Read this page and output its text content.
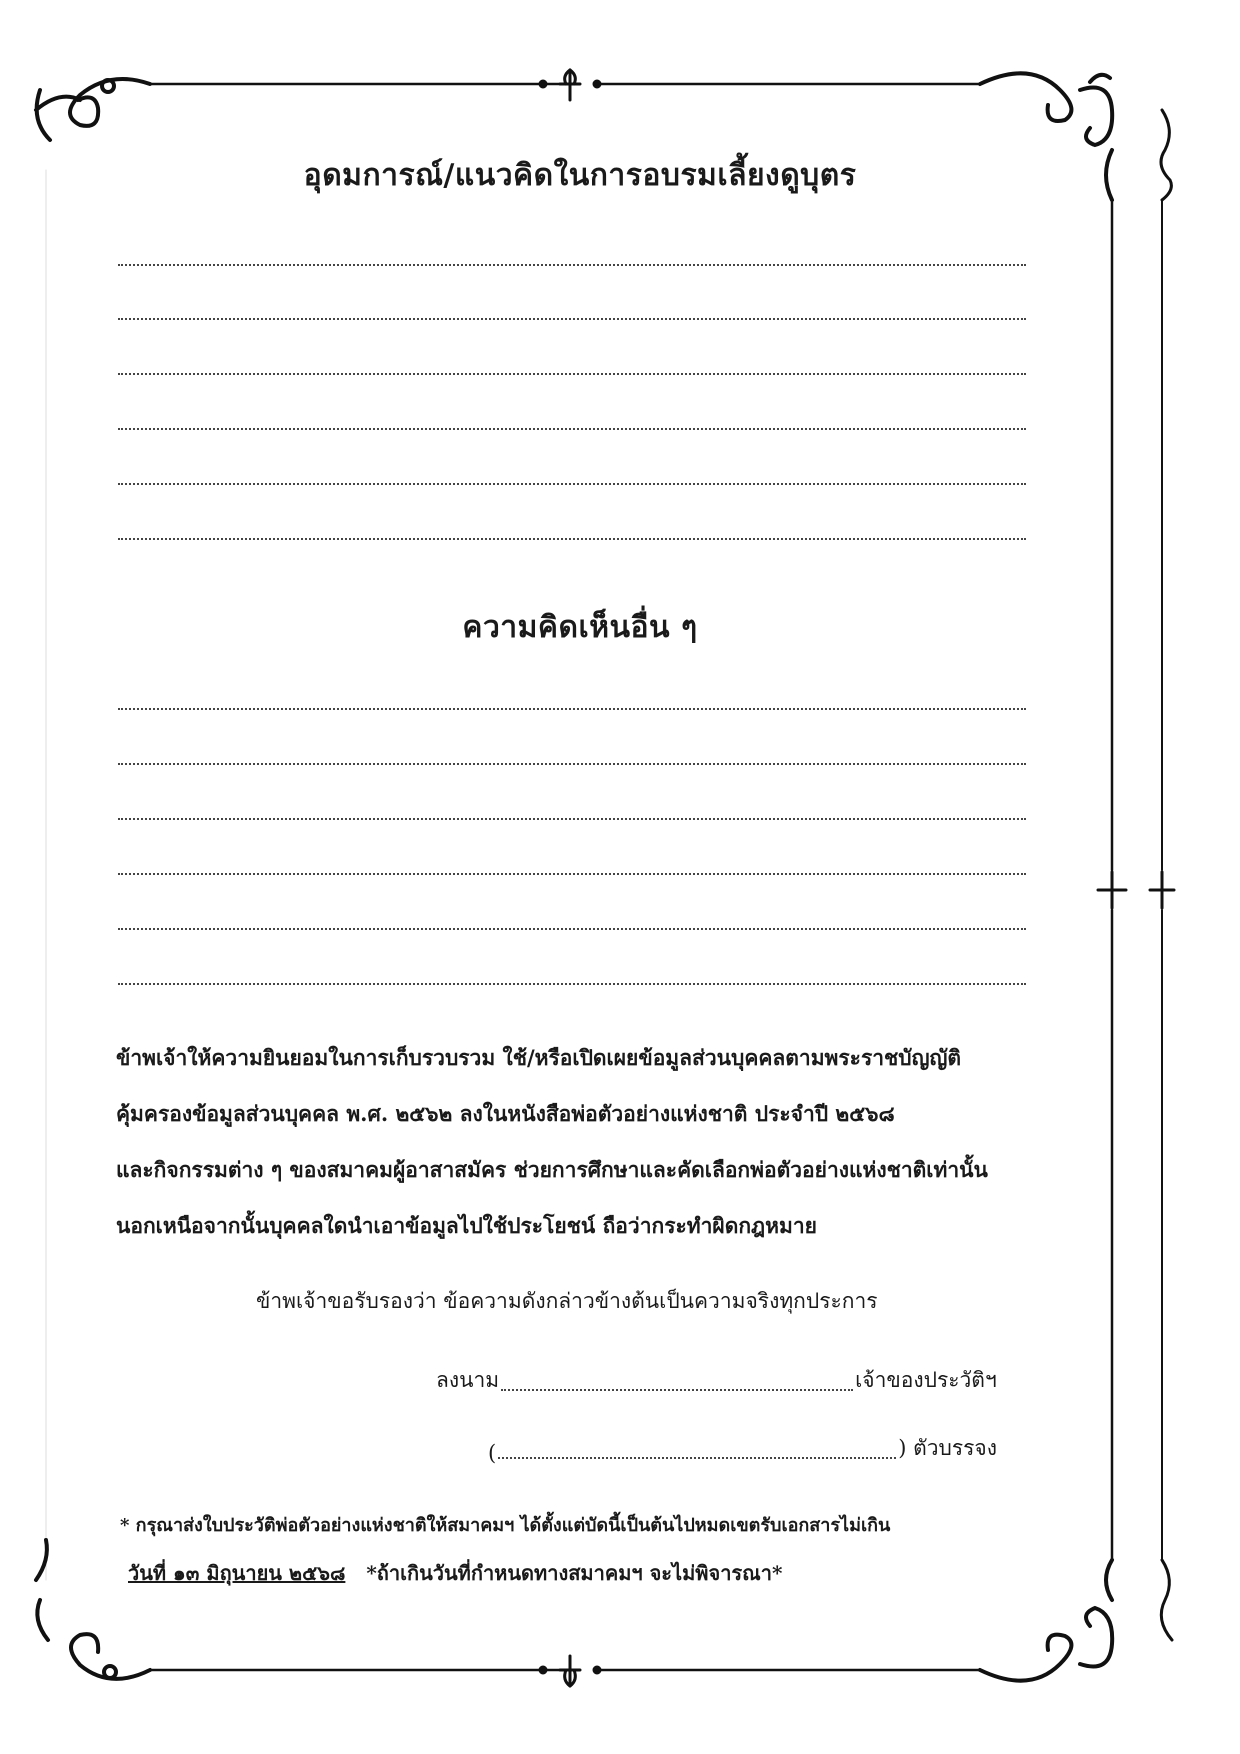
อุดมการณ์/แนวคิดในการอบรมเลี้ยงดูบุตร
ความคิดเห็นอื่น ๆ
ข้าพเจ้าให้ความยินยอมในการเก็บรวบรวม ใช้/หรือเปิดเผยข้อมูลส่วนบุคคลตามพระราชบัญญัติ
คุ้มครองข้อมูลส่วนบุคคล พ.ศ. ๒๕๖๒ ลงในหนังสือพ่อตัวอย่างแห่งชาติ ประจำปี ๒๕๖๘
และกิจกรรมต่าง ๆ ของสมาคมผู้อาสาสมัคร ช่วยการศึกษาและคัดเลือกพ่อตัวอย่างแห่งชาติเท่านั้น
นอกเหนือจากนั้นบุคคลใดนำเอาข้อมูลไปใช้ประโยชน์ ถือว่ากระทำผิดกฎหมาย
ข้าพเจ้าขอรับรองว่า ข้อความดังกล่าวข้างต้นเป็นความจริงทุกประการ
ลงนาม	เจ้าของประวัติฯ
(	) ตัวบรรจง
* กรุณาส่งใบประวัติพ่อตัวอย่างแห่งชาติให้สมาคมฯ ได้ตั้งแต่บัดนี้เป็นต้นไปหมดเขตรับเอกสารไม่เกิน
วันที่ ๑๓ มิถุนายน ๒๕๖๘ *ถ้าเกินวันที่กำหนดทางสมาคมฯ จะไม่พิจารณา*
